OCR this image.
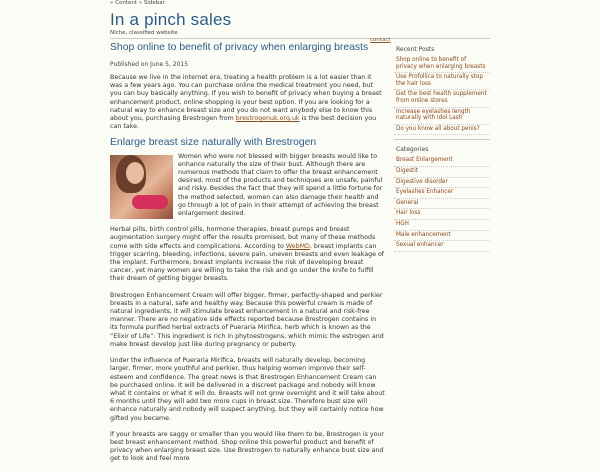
» Content » Sidebar
In a pinch sales
Niche, classified website
contact
Shop online to benefit of privacy when enlarging breasts
Published on June 5, 2015

Because we live in the internet era, treating a health problem is a lot easier than it was a few years ago. You can purchase online the medical treatment you need, but you can buy basically anything. If you wish to benefit of privacy when buying a breast enhancement product, online shopping is your best option. If you are looking for a natural way to enhance breast size and you do not want anybody else to know this about you, purchasing Brestrogen from brestrogenuk.org.uk is the best decision you can take.

Enlarge breast size naturally with Brestrogen

Women who were not blessed with bigger breasts would like to enhance naturally the size of their bust. Although there are numerous methods that claim to offer the breast enhancement desired, most of the products and techniques are unsafe, painful and risky. Besides the fact that they will spend a little fortune for the method selected, women can also damage their health and go through a lot of pain in their attempt of achieving the breast enlargement desired.

Herbal pills, birth control pills, hormone therapies, breast pumps and breast augmentation surgery might offer the results promised, but many of these methods come with side effects and complications. According to WebMD, breast implants can trigger scarring, bleeding, infections, severe pain, uneven breasts and even leakage of the implant. Furthermore, breast implants increase the risk of developing breast cancer, yet many women are willing to take the risk and go under the knife to fulfill their dream of getting bigger breasts.

Brestrogen Enhancement Cream will offer bigger, firmer, perfectly-shaped and perkier breasts in a natural, safe and healthy way. Because this powerful cream is made of natural ingredients, it will stimulate breast enhancement in a natural and risk-free manner. There are no negative side effects reported because Brestrogen contains in its formula purified herbal extracts of Pueraria Mirifica, herb which is known as the “Elixir of Life”. This ingredient is rich in phytoestrogens, which mimic the estrogen and make breast develop just like during pregnancy or puberty.

Under the influence of Pueraria Mirifica, breasts will naturally develop, becoming larger, firmer, more youthful and perkier, thus helping women improve their self-esteem and confidence. The great news is that Brestrogen Enhancement Cream can be purchased online. It will be delivered in a discreet package and nobody will know what it contains or what it will do. Breasts will not grow overnight and it will take about 6 months until they will add two more cups in breast size. Therefore bust size will enhance naturally and nobody will suspect anything, but they will certainly notice how gifted you became.

If your breasts are saggy or smaller than you would like them to be, Brestrogen is your best breast enhancement method. Shop online this powerful product and benefit of privacy when enlarging breast size. Use Brestrogen to naturally enhance bust size and get to look and feel more

Recent Posts
Shop online to benefit of privacy when enlarging breasts
Use Profollica to naturally stop the hair loss
Get the best health supplement from online stores
Increase eyelashes length naturally with Idol Lash
Do you know all about penis?
Categories
Breast Enlargement
Digestit
Digestive disorder
Eyelashes Enhancer
General
Hair loss
HGH
Male enhancement
Sexual enhancer
